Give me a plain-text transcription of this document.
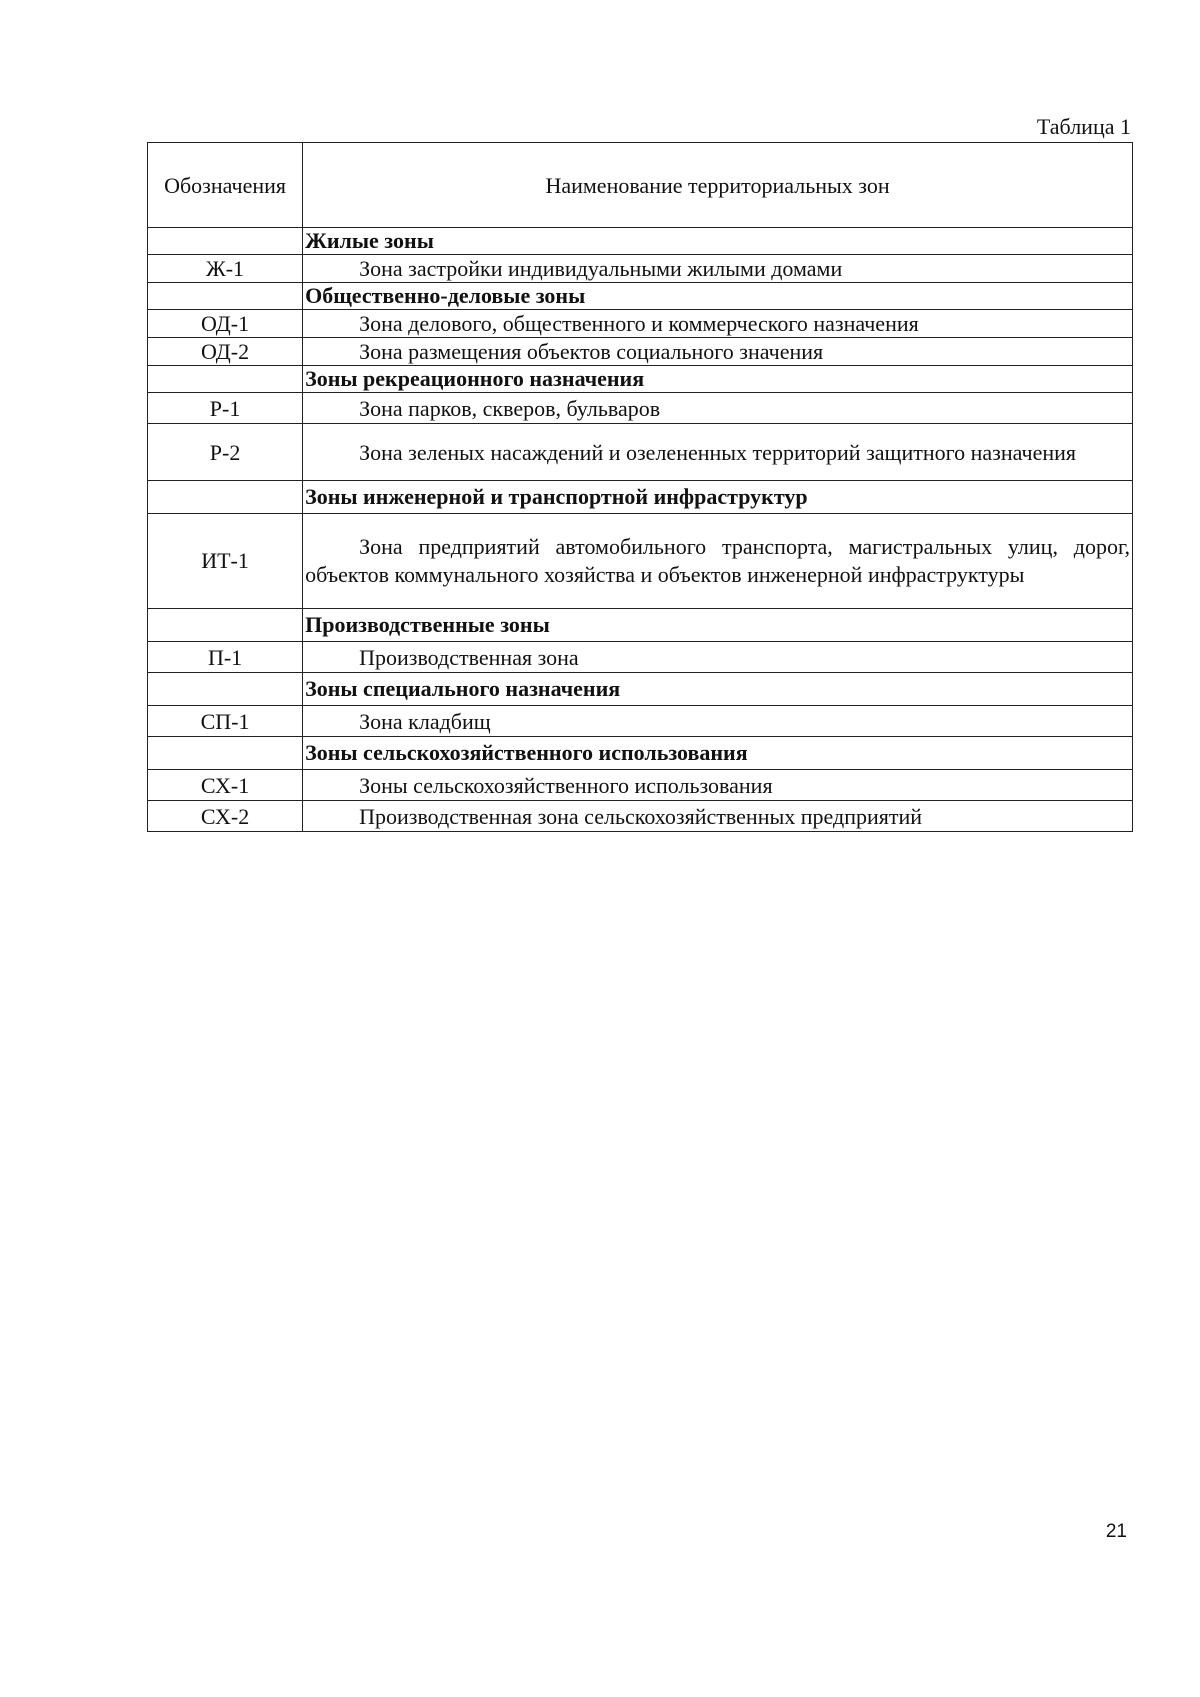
Таблица 1
Обозначения	Наименование территориальных зон
	Жилые зоны
Ж-1	Зона застройки индивидуальными жилыми домами
	Общественно-деловые зоны
ОД-1	Зона делового, общественного и коммерческого назначения
ОД-2	Зона размещения объектов социального значения
	Зоны рекреационного назначения
Р-1	Зона парков, скверов, бульваров
Р-2	Зона зеленых насаждений и озелененных территорий защитного назначения
	Зоны инженерной и транспортной инфраструктур
ИТ-1	Зона предприятий автомобильного транспорта, магистральных улиц, дорог, объектов коммунального хозяйства и объектов инженерной инфраструктуры
	Производственные зоны
П-1	Производственная зона
	Зоны специального назначения
СП-1	Зона кладбищ
	Зоны сельскохозяйственного использования
СХ-1	Зоны сельскохозяйственного использования
СХ-2	Производственная зона сельскохозяйственных предприятий
21
